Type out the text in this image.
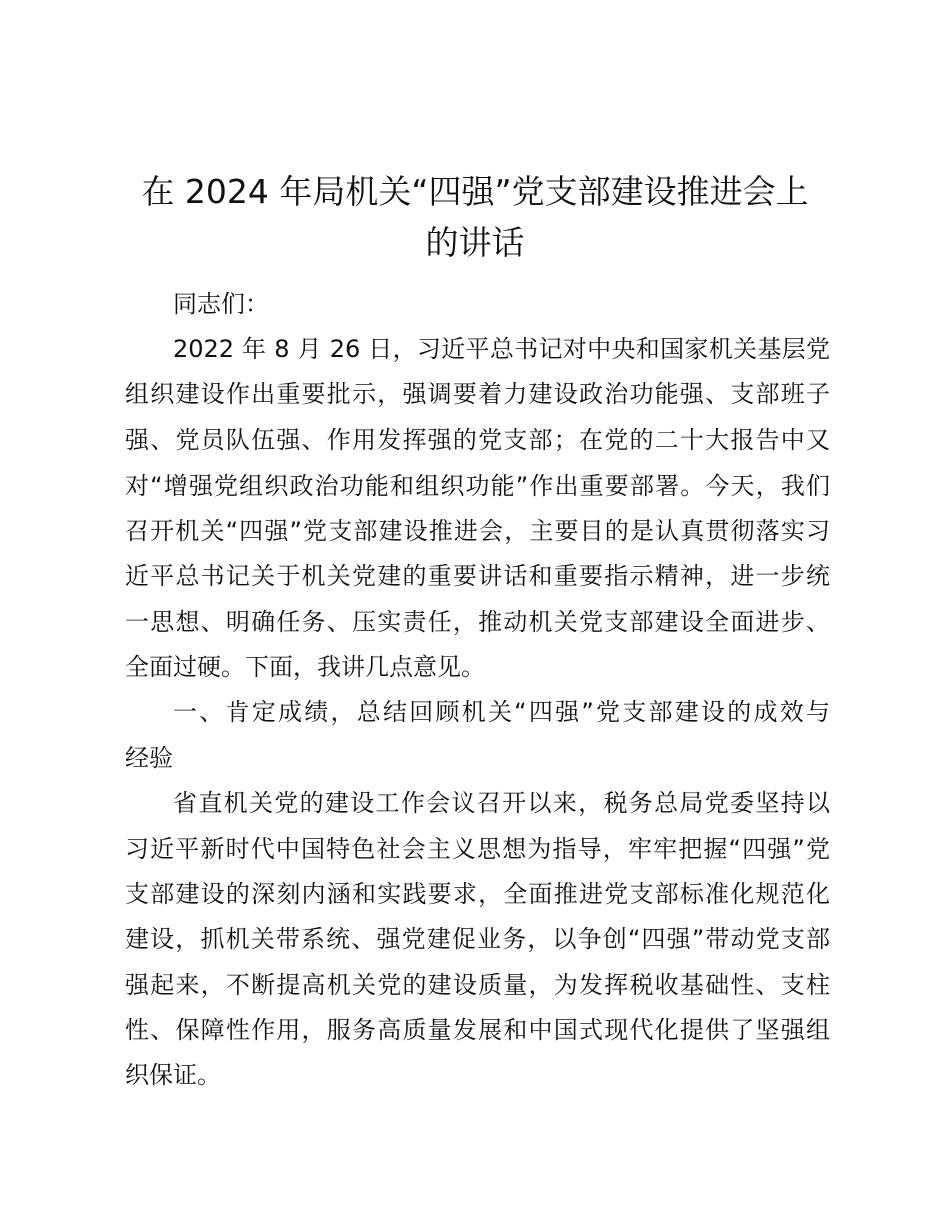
在 2024 年局机关“四强”党支部建设推进会上
的讲话
同志们：
2022 年 8 月 26 日，习近平总书记对中央和国家机关基层党
组织建设作出重要批示，强调要着力建设政治功能强、支部班子
强、党员队伍强、作用发挥强的党支部；在党的二十大报告中又
对“增强党组织政治功能和组织功能”作出重要部署。今天，我们
召开机关“四强”党支部建设推进会，主要目的是认真贯彻落实习
近平总书记关于机关党建的重要讲话和重要指示精神，进一步统
一思想、明确任务、压实责任，推动机关党支部建设全面进步、
全面过硬。下面，我讲几点意见。
一、肯定成绩，总结回顾机关“四强”党支部建设的成效与
经验
省直机关党的建设工作会议召开以来，税务总局党委坚持以
习近平新时代中国特色社会主义思想为指导，牢牢把握“四强”党
支部建设的深刻内涵和实践要求，全面推进党支部标准化规范化
建设，抓机关带系统、强党建促业务，以争创“四强”带动党支部
强起来，不断提高机关党的建设质量，为发挥税收基础性、支柱
性、保障性作用，服务高质量发展和中国式现代化提供了坚强组
织保证。
